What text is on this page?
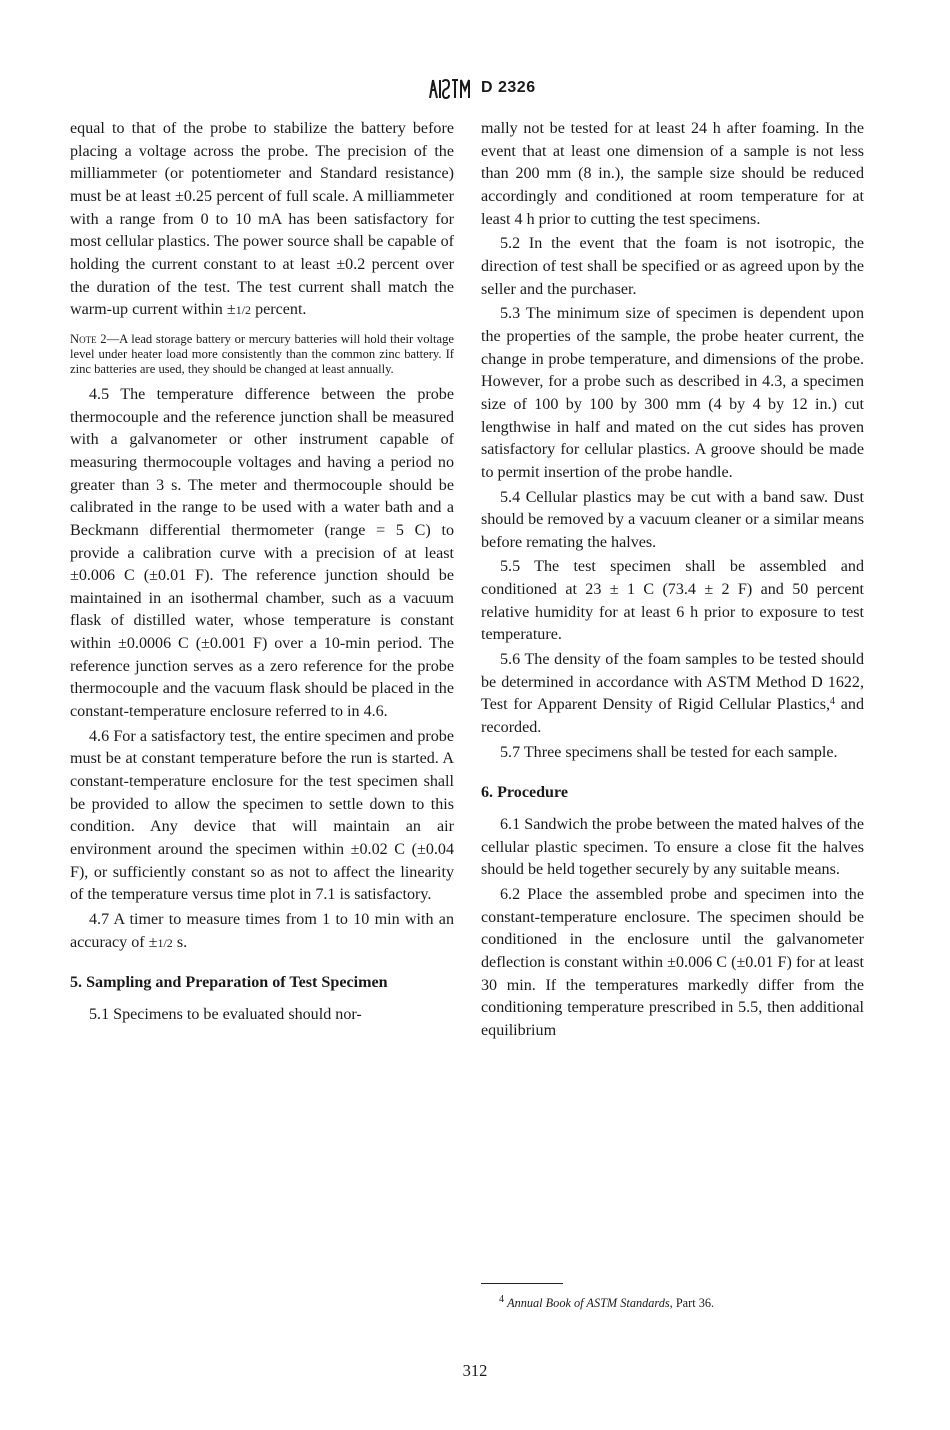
D 2326

equal to that of the probe to stabilize the battery before placing a voltage across the probe. The precision of the milliammeter (or potentiometer and Standard resistance) must be at least ±0.25 percent of full scale. A milliammeter with a range from 0 to 10 mA has been satisfactory for most cellular plastics. The power source shall be capable of holding the current constant to at least ±0.2 percent over the duration of the test. The test current shall match the warm-up current within ±1/2 percent.

Note 2—A lead storage battery or mercury batteries will hold their voltage level under heater load more consistently than the common zinc battery. If zinc batteries are used, they should be changed at least annually.

4.5 The temperature difference between the probe thermocouple and the reference junction shall be measured with a galvanometer or other instrument capable of measuring thermocouple voltages and having a period no greater than 3 s. The meter and thermocouple should be calibrated in the range to be used with a water bath and a Beckmann differential thermometer (range = 5 C) to provide a calibration curve with a precision of at least ±0.006 C (±0.01 F). The reference junction should be maintained in an isothermal chamber, such as a vacuum flask of distilled water, whose temperature is constant within ±0.0006 C (±0.001 F) over a 10-min period. The reference junction serves as a zero reference for the probe thermocouple and the vacuum flask should be placed in the constant-temperature enclosure referred to in 4.6.

4.6 For a satisfactory test, the entire specimen and probe must be at constant temperature before the run is started. A constant-temperature enclosure for the test specimen shall be provided to allow the specimen to settle down to this condition. Any device that will maintain an air environment around the specimen within ±0.02 C (±0.04 F), or sufficiently constant so as not to affect the linearity of the temperature versus time plot in 7.1 is satisfactory.

4.7 A timer to measure times from 1 to 10 min with an accuracy of ±1/2 s.

5. Sampling and Preparation of Test Specimen

5.1 Specimens to be evaluated should nor-

mally not be tested for at least 24 h after foaming. In the event that at least one dimension of a sample is not less than 200 mm (8 in.), the sample size should be reduced accordingly and conditioned at room temperature for at least 4 h prior to cutting the test specimens.

5.2 In the event that the foam is not isotropic, the direction of test shall be specified or as agreed upon by the seller and the purchaser.

5.3 The minimum size of specimen is dependent upon the properties of the sample, the probe heater current, the change in probe temperature, and dimensions of the probe. However, for a probe such as described in 4.3, a specimen size of 100 by 100 by 300 mm (4 by 4 by 12 in.) cut lengthwise in half and mated on the cut sides has proven satisfactory for cellular plastics. A groove should be made to permit insertion of the probe handle.

5.4 Cellular plastics may be cut with a band saw. Dust should be removed by a vacuum cleaner or a similar means before remating the halves.

5.5 The test specimen shall be assembled and conditioned at 23 ± 1 C (73.4 ± 2 F) and 50 percent relative humidity for at least 6 h prior to exposure to test temperature.

5.6 The density of the foam samples to be tested should be determined in accordance with ASTM Method D 1622, Test for Apparent Density of Rigid Cellular Plastics,$^4$ and recorded.

5.7 Three specimens shall be tested for each sample.

6. Procedure

6.1 Sandwich the probe between the mated halves of the cellular plastic specimen. To ensure a close fit the halves should be held together securely by any suitable means.

6.2 Place the assembled probe and specimen into the constant-temperature enclosure. The specimen should be conditioned in the enclosure until the galvanometer deflection is constant within ±0.006 C (±0.01 F) for at least 30 min. If the temperatures markedly differ from the conditioning temperature prescribed in 5.5, then additional equilibrium

$^4$ Annual Book of ASTM Standards, Part 36.

312
